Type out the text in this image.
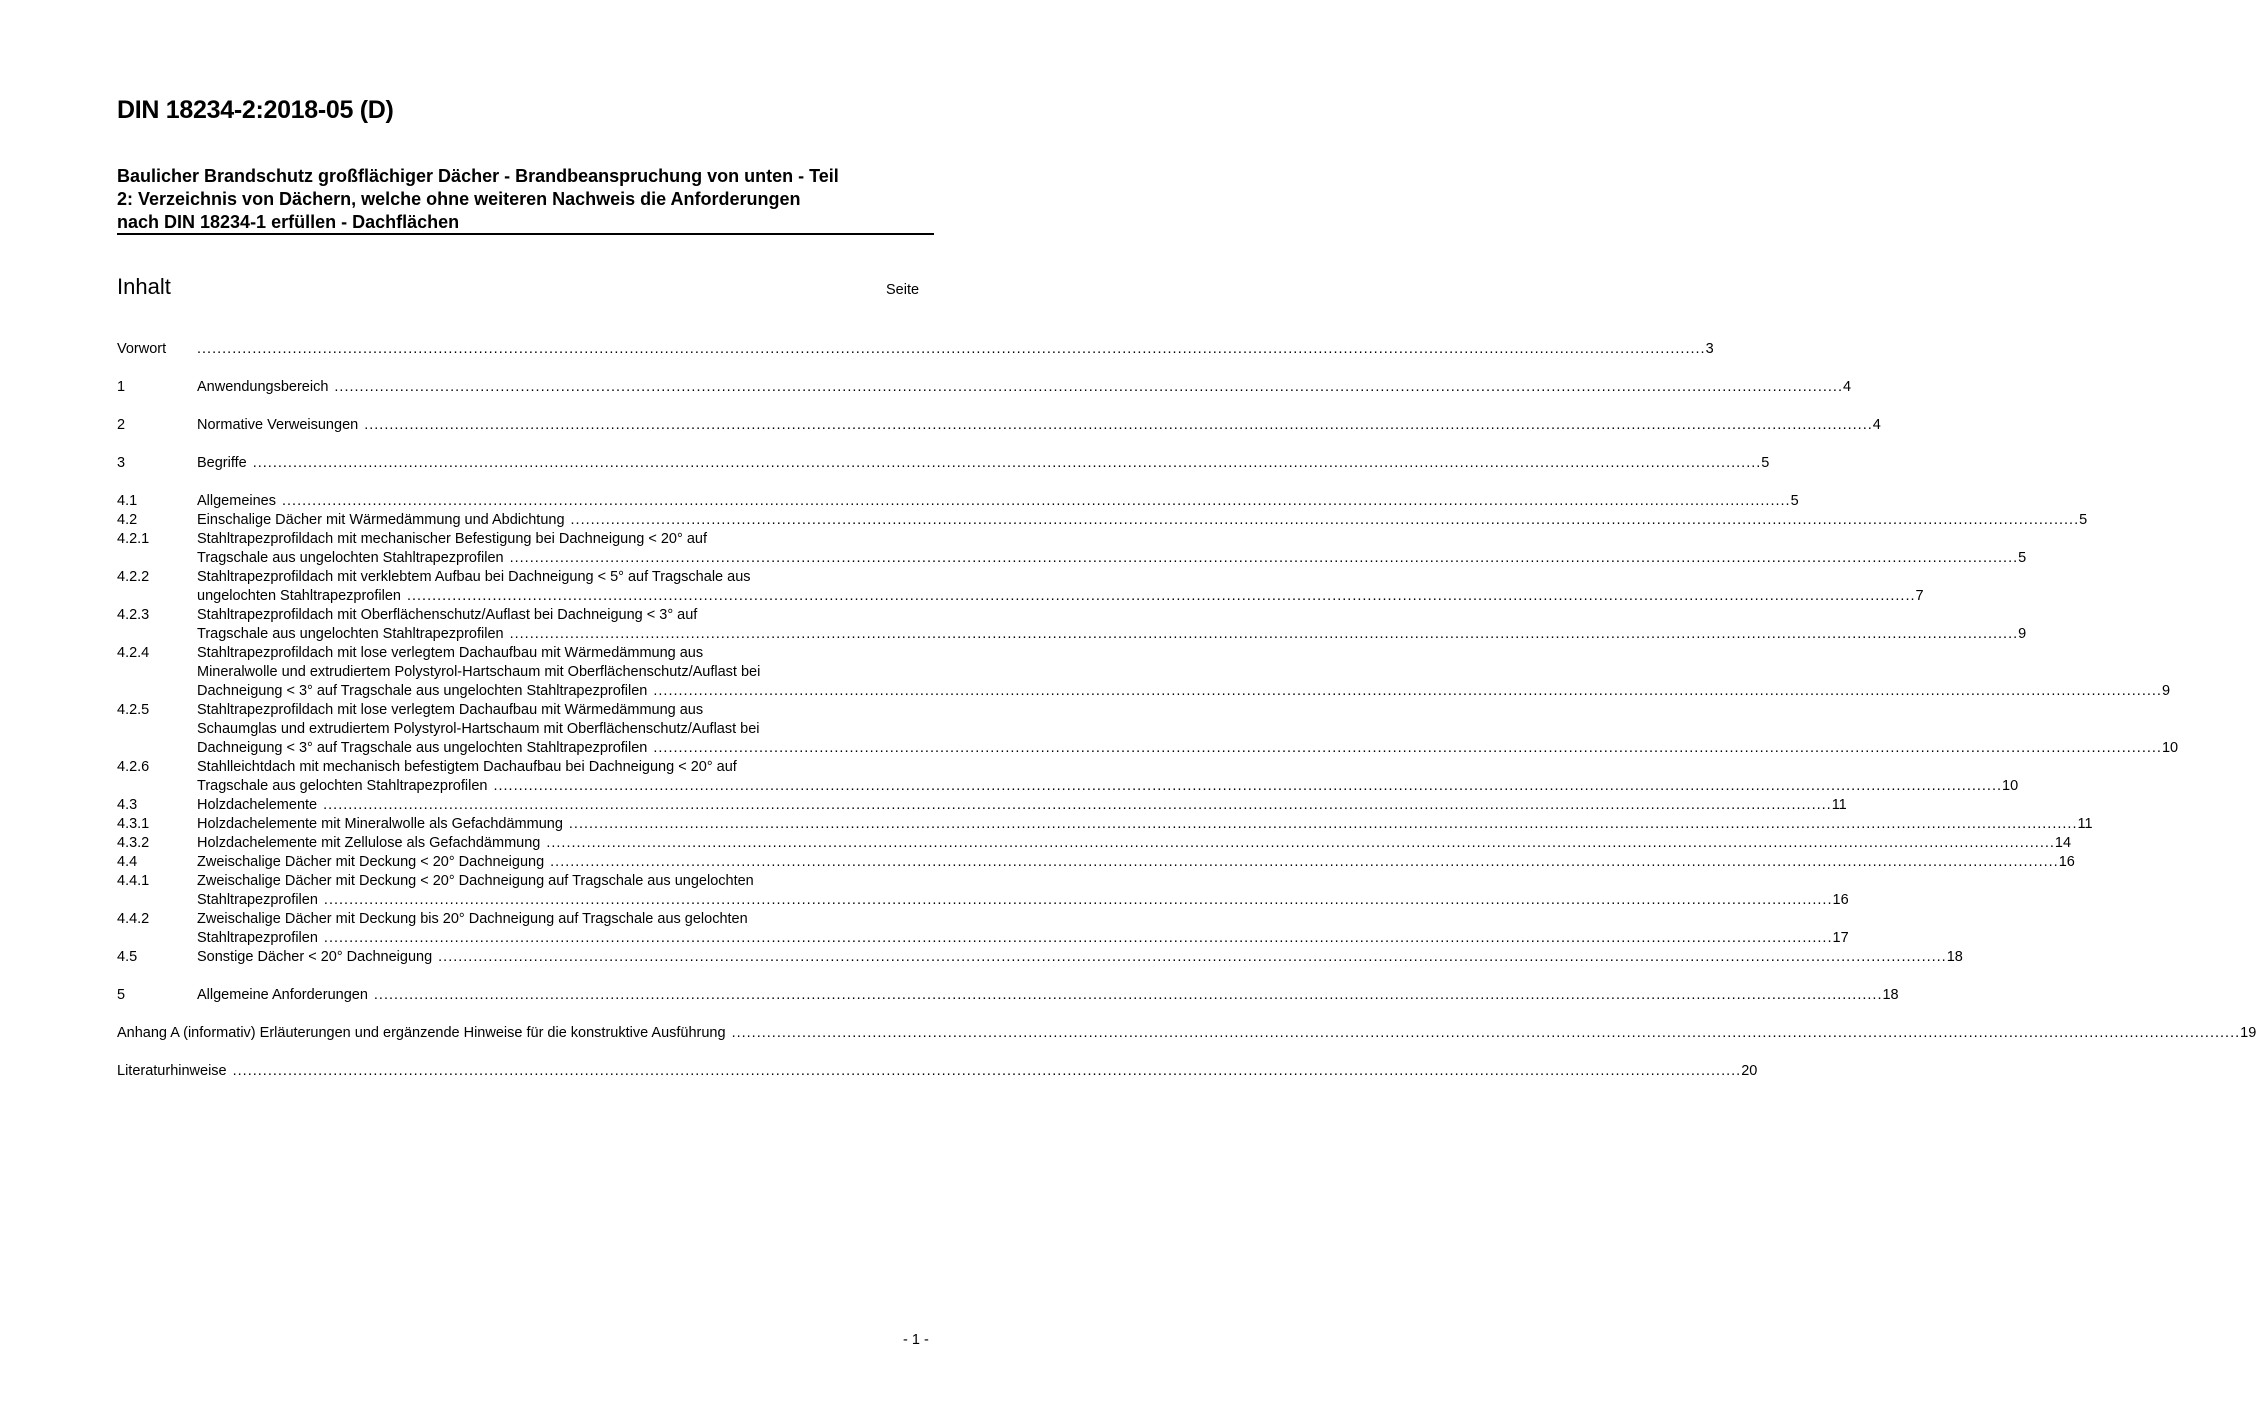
DIN 18234-2:2018-05 (D)
Baulicher Brandschutz großflächiger Dächer - Brandbeanspruchung von unten - Teil
2: Verzeichnis von Dächern, welche ohne weiteren Nachweis die Anforderungen
nach DIN 18234-1 erfüllen - Dachflächen
Inhalt	Seite
Vorwort	............................................................................................................................................................................................................................................................................................................ 3
1	Anwendungsbereich ............................................................................................................................................................................................................................................................................................................ 4
2	Normative Verweisungen ............................................................................................................................................................................................................................................................................................................ 4
3	Begriffe ............................................................................................................................................................................................................................................................................................................ 5
4.1	Allgemeines ............................................................................................................................................................................................................................................................................................................ 5
4.2	Einschalige Dächer mit Wärmedämmung und Abdichtung ............................................................................................................................................................................................................................................................................................................ 5
4.2.1	Stahltrapezprofildach mit mechanischer Befestigung bei Dachneigung < 20° auf
Tragschale aus ungelochten Stahltrapezprofilen ............................................................................................................................................................................................................................................................................................................ 5
4.2.2	Stahltrapezprofildach mit verklebtem Aufbau bei Dachneigung < 5° auf Tragschale aus
ungelochten Stahltrapezprofilen ............................................................................................................................................................................................................................................................................................................ 7
4.2.3	Stahltrapezprofildach mit Oberflächenschutz/Auflast bei Dachneigung < 3° auf
Tragschale aus ungelochten Stahltrapezprofilen ............................................................................................................................................................................................................................................................................................................ 9
4.2.4	Stahltrapezprofildach mit lose verlegtem Dachaufbau mit Wärmedämmung aus
Mineralwolle und extrudiertem Polystyrol-Hartschaum mit Oberflächenschutz/Auflast bei
Dachneigung < 3° auf Tragschale aus ungelochten Stahltrapezprofilen ............................................................................................................................................................................................................................................................................................................ 9
4.2.5	Stahltrapezprofildach mit lose verlegtem Dachaufbau mit Wärmedämmung aus
Schaumglas und extrudiertem Polystyrol-Hartschaum mit Oberflächenschutz/Auflast bei
Dachneigung < 3° auf Tragschale aus ungelochten Stahltrapezprofilen ............................................................................................................................................................................................................................................................................................................ 10
4.2.6	Stahlleichtdach mit mechanisch befestigtem Dachaufbau bei Dachneigung < 20° auf
Tragschale aus gelochten Stahltrapezprofilen ............................................................................................................................................................................................................................................................................................................ 10
4.3	Holzdachelemente ............................................................................................................................................................................................................................................................................................................ 11
4.3.1	Holzdachelemente mit Mineralwolle als Gefachdämmung ............................................................................................................................................................................................................................................................................................................ 11
4.3.2	Holzdachelemente mit Zellulose als Gefachdämmung ............................................................................................................................................................................................................................................................................................................ 14
4.4	Zweischalige Dächer mit Deckung < 20° Dachneigung ............................................................................................................................................................................................................................................................................................................ 16
4.4.1	Zweischalige Dächer mit Deckung < 20° Dachneigung auf Tragschale aus ungelochten
Stahltrapezprofilen ............................................................................................................................................................................................................................................................................................................ 16
4.4.2	Zweischalige Dächer mit Deckung bis 20° Dachneigung auf Tragschale aus gelochten
Stahltrapezprofilen ............................................................................................................................................................................................................................................................................................................ 17
4.5	Sonstige Dächer < 20° Dachneigung ............................................................................................................................................................................................................................................................................................................ 18
5	Allgemeine Anforderungen ............................................................................................................................................................................................................................................................................................................ 18
Anhang A (informativ) Erläuterungen und ergänzende Hinweise für die konstruktive Ausführung ............................................................................................................................................................................................................................................................................................................ 19
Literaturhinweise ............................................................................................................................................................................................................................................................................................................ 20
- 1 -
